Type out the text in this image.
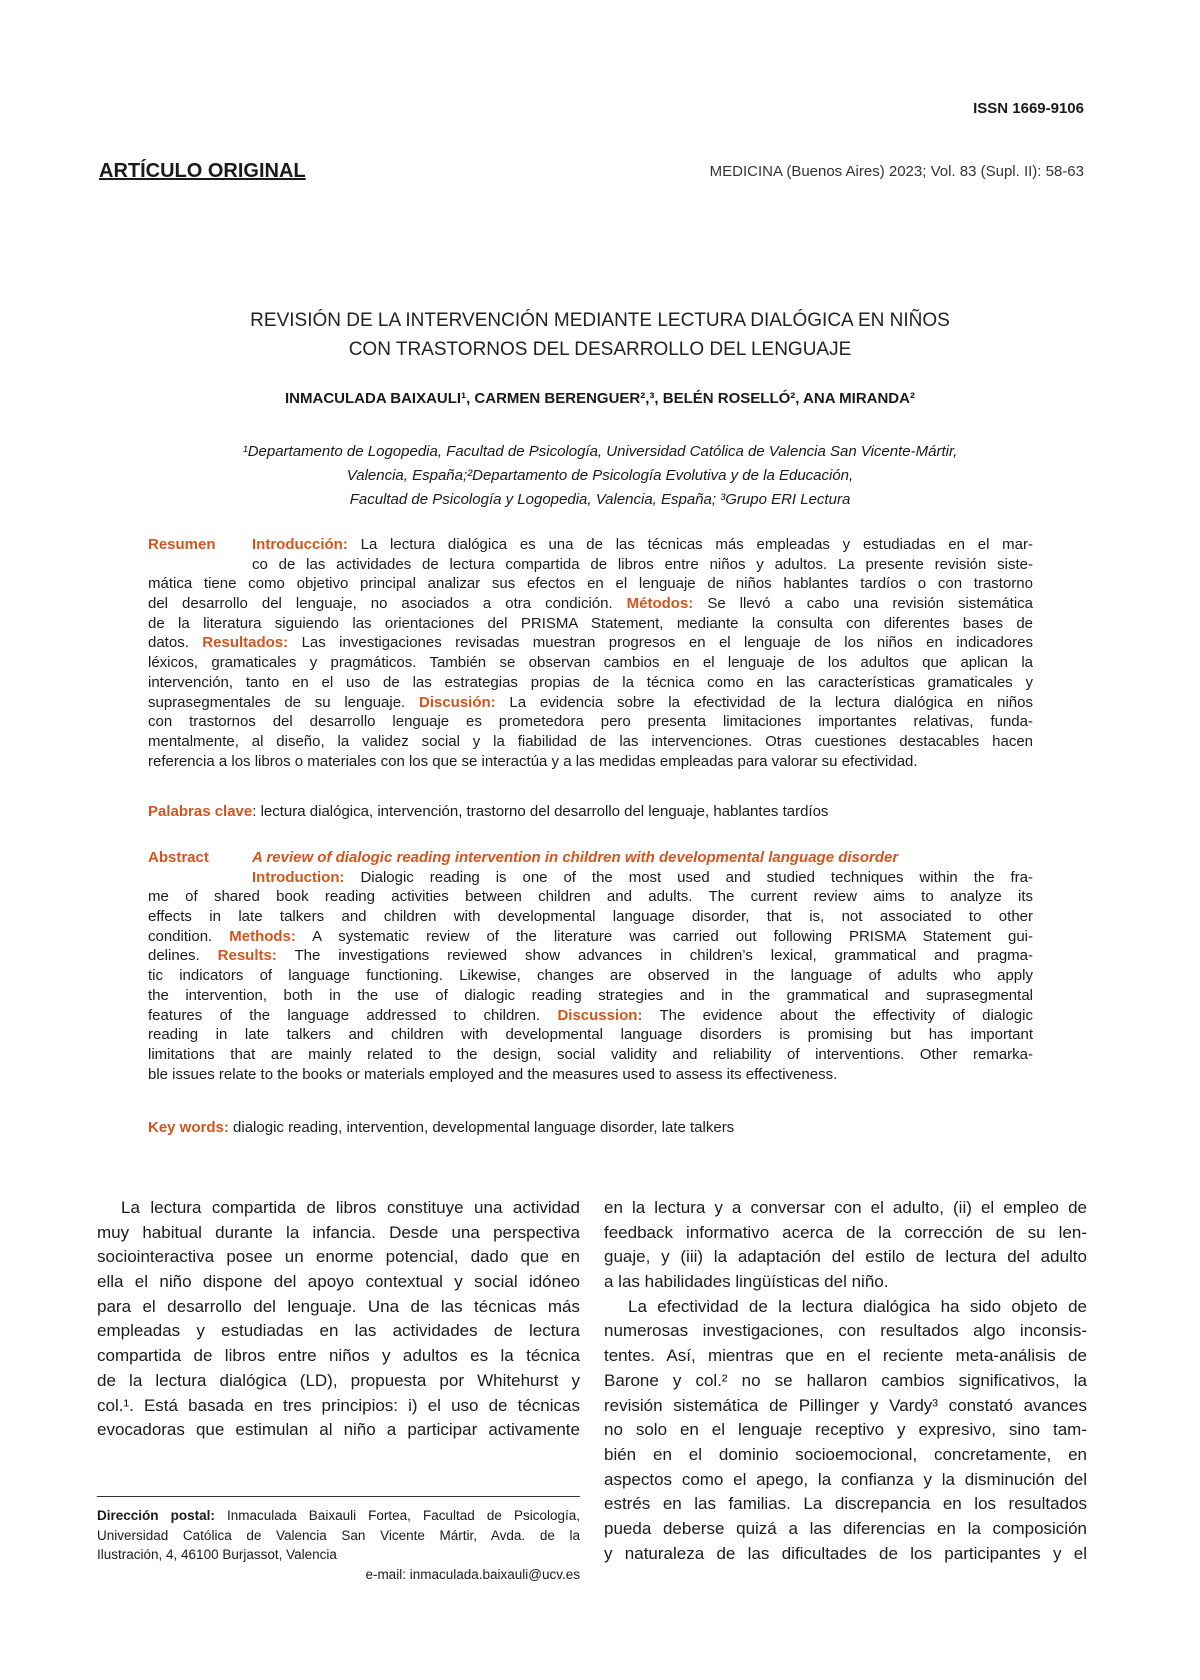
ISSN 1669-9106
ARTÍCULO ORIGINAL	MEDICINA (Buenos Aires) 2023; Vol. 83 (Supl. II): 58-63
REVISIÓN DE LA INTERVENCIÓN MEDIANTE LECTURA DIALÓGICA EN NIÑOS
CON TRASTORNOS DEL DESARROLLO DEL LENGUAJE
INMACULADA BAIXAULI¹, CARMEN BERENGUER²,³, BELÉN ROSELLÓ², ANA MIRANDA²
¹Departamento de Logopedia, Facultad de Psicología, Universidad Católica de Valencia San Vicente-Mártir,
Valencia, España;²Departamento de Psicología Evolutiva y de la Educación,
Facultad de Psicología y Logopedia, Valencia, España; ³Grupo ERI Lectura
Resumen Introducción: La lectura dialógica es una de las técnicas más empleadas y estudiadas en el mar-
co de las actividades de lectura compartida de libros entre niños y adultos. La presente revisión siste-
mática tiene como objetivo principal analizar sus efectos en el lenguaje de niños hablantes tardíos o con trastorno
del desarrollo del lenguaje, no asociados a otra condición. Métodos: Se llevó a cabo una revisión sistemática
de la literatura siguiendo las orientaciones del PRISMA Statement, mediante la consulta con diferentes bases de
datos. Resultados: Las investigaciones revisadas muestran progresos en el lenguaje de los niños en indicadores
léxicos, gramaticales y pragmáticos. También se observan cambios en el lenguaje de los adultos que aplican la
intervención, tanto en el uso de las estrategias propias de la técnica como en las características gramaticales y
suprasegmentales de su lenguaje. Discusión: La evidencia sobre la efectividad de la lectura dialógica en niños
con trastornos del desarrollo lenguaje es prometedora pero presenta limitaciones importantes relativas, funda-
mentalmente, al diseño, la validez social y la fiabilidad de las intervenciones. Otras cuestiones destacables hacen
referencia a los libros o materiales con los que se interactúa y a las medidas empleadas para valorar su efectividad.
Palabras clave: lectura dialógica, intervención, trastorno del desarrollo del lenguaje, hablantes tardíos
Abstract	A review of dialogic reading intervention in children with developmental language disorder
Introduction: Dialogic reading is one of the most used and studied techniques within the fra-
me of shared book reading activities between children and adults. The current review aims to analyze its
effects in late talkers and children with developmental language disorder, that is, not associated to other
condition. Methods: A systematic review of the literature was carried out following PRISMA Statement gui-
delines. Results: The investigations reviewed show advances in children’s lexical, grammatical and pragma-
tic indicators of language functioning. Likewise, changes are observed in the language of adults who apply
the intervention, both in the use of dialogic reading strategies and in the grammatical and suprasegmental
features of the language addressed to children. Discussion: The evidence about the effectivity of dialogic
reading in late talkers and children with developmental language disorders is promising but has important
limitations that are mainly related to the design, social validity and reliability of interventions. Other remarka-
ble issues relate to the books or materials employed and the measures used to assess its effectiveness.
Key words: dialogic reading, intervention, developmental language disorder, late talkers
La lectura compartida de libros constituye una actividad
muy habitual durante la infancia. Desde una perspectiva
sociointeractiva posee un enorme potencial, dado que en
ella el niño dispone del apoyo contextual y social idóneo
para el desarrollo del lenguaje. Una de las técnicas más
empleadas y estudiadas en las actividades de lectura
compartida de libros entre niños y adultos es la técnica
de la lectura dialógica (LD), propuesta por Whitehurst y
col.¹. Está basada en tres principios: i) el uso de técnicas
evocadoras que estimulan al niño a participar activamente
en la lectura y a conversar con el adulto, (ii) el empleo de
feedback informativo acerca de la corrección de su len-
guaje, y (iii) la adaptación del estilo de lectura del adulto
a las habilidades lingüísticas del niño.
La efectividad de la lectura dialógica ha sido objeto de
numerosas investigaciones, con resultados algo inconsis-
tentes. Así, mientras que en el reciente meta-análisis de
Barone y col.² no se hallaron cambios significativos, la
revisión sistemática de Pillinger y Vardy³ constató avances
no solo en el lenguaje receptivo y expresivo, sino tam-
bién en el dominio socioemocional, concretamente, en
aspectos como el apego, la confianza y la disminución del
estrés en las familias. La discrepancia en los resultados
pueda deberse quizá a las diferencias en la composición
y naturaleza de las dificultades de los participantes y el
Dirección postal: Inmaculada Baixauli Fortea, Facultad de Psicología,
Universidad Católica de Valencia San Vicente Mártir, Avda. de la
Ilustración, 4, 46100 Burjassot, Valencia
e-mail: inmaculada.baixauli@ucv.es
